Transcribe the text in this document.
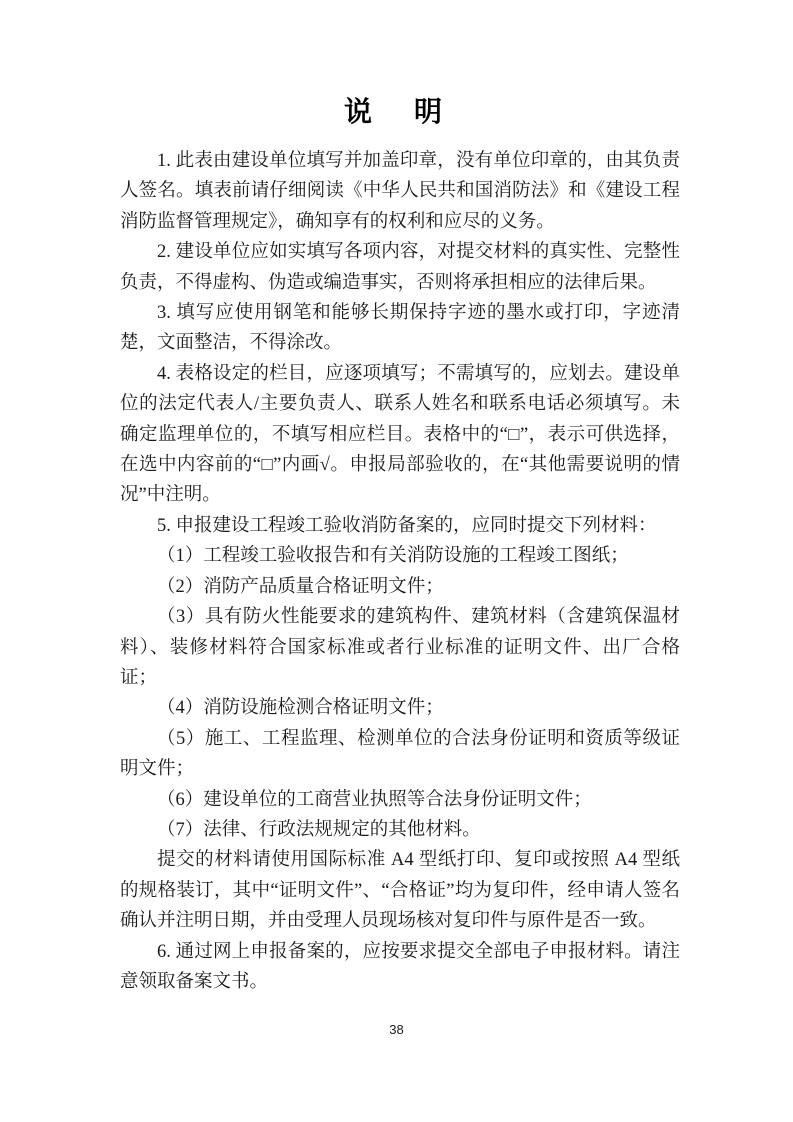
说　明

1. 此表由建设单位填写并加盖印章，没有单位印章的，由其负责人签名。填表前请仔细阅读《中华人民共和国消防法》和《建设工程消防监督管理规定》，确知享有的权利和应尽的义务。

2. 建设单位应如实填写各项内容，对提交材料的真实性、完整性负责，不得虚构、伪造或编造事实，否则将承担相应的法律后果。

3. 填写应使用钢笔和能够长期保持字迹的墨水或打印，字迹清楚，文面整洁，不得涂改。

4. 表格设定的栏目，应逐项填写；不需填写的，应划去。建设单位的法定代表人/主要负责人、联系人姓名和联系电话必须填写。未确定监理单位的，不填写相应栏目。表格中的“□”，表示可供选择，在选中内容前的“□”内画√。申报局部验收的，在“其他需要说明的情况”中注明。

5. 申报建设工程竣工验收消防备案的，应同时提交下列材料：

（1）工程竣工验收报告和有关消防设施的工程竣工图纸；

（2）消防产品质量合格证明文件；

（3）具有防火性能要求的建筑构件、建筑材料（含建筑保温材料）、装修材料符合国家标准或者行业标准的证明文件、出厂合格证；

（4）消防设施检测合格证明文件；

（5）施工、工程监理、检测单位的合法身份证明和资质等级证明文件；

（6）建设单位的工商营业执照等合法身份证明文件；

（7）法律、行政法规规定的其他材料。

提交的材料请使用国际标准 A4 型纸打印、复印或按照 A4 型纸的规格装订，其中“证明文件”、“合格证”均为复印件，经申请人签名确认并注明日期，并由受理人员现场核对复印件与原件是否一致。

6. 通过网上申报备案的，应按要求提交全部电子申报材料。请注意领取备案文书。

38
